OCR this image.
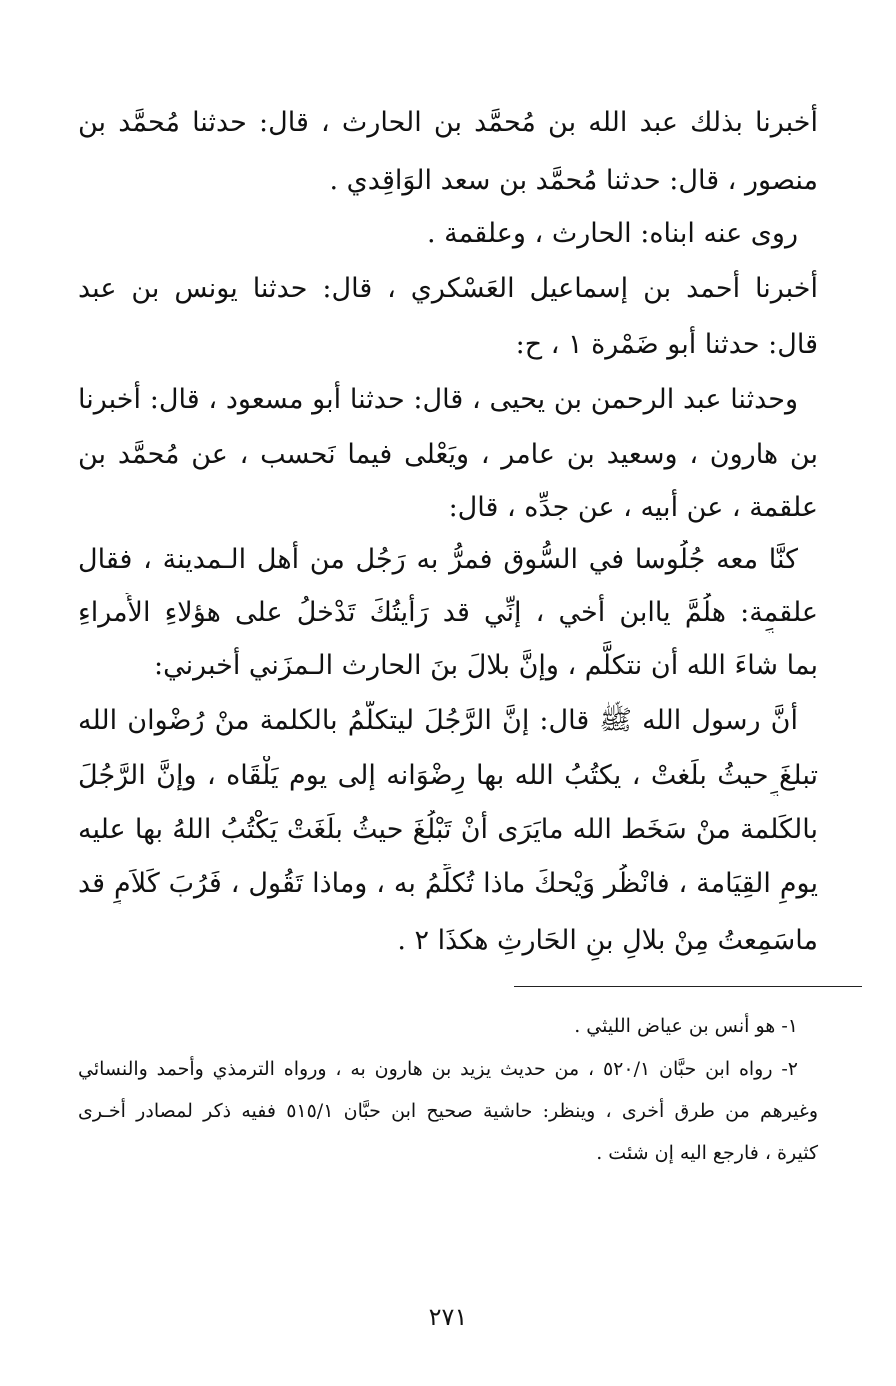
أخبرنا بذلك عبد الله بن مُحمَّد بن الحارث ، قال: حدثنا مُحمَّد بن
منصور ، قال: حدثنا مُحمَّد بن سعد الوَاقِدي .
روى عنه ابناه: الحارث ، وعلقمة .
أخبرنا أحمد بن إسماعيل العَسْكري ، قال: حدثنا يونس بن عبد
قال: حدثنا أبو ضَمْرة ١ ، ح:
وحدثنا عبد الرحمن بن يحيى ، قال: حدثنا أبو مسعود ، قال: أخبرنا
بن هارون ، وسعيد بن عامر ، ويَعْلى فيما نَحسب ، عن مُحمَّد بن
علقمة ، عن أبيه ، عن جدِّه ، قال:
كنَّا معه جُلُوسا في السُّوق فمرُّ به رَجُل من أهل الـمدينة ، فقال
علقمة: هلُمَّ ياابن أخي ، إنِّي قد رَأيتُكَ تَدْخلُ على هؤلاءِ الأُمراءِ
بما شاءَ الله أن نتكلَّم ، وإنَّ بلالَ بنَ الحارث الـمزَني أخبرني:
أنَّ رسول الله ﷺ قال: إنَّ الرَّجُلَ ليتكلَّمُ بالكلمة منْ رُضْوان الله
تبلغَ حيثُ بلَغتْ ، يكتُبُ الله بها رِضْوَانه إلى يوم يَلْقَاه ، وإنَّ الرَّجُلَ
بالكَلمة منْ سَخَط الله مايَرَى أنْ تَبْلُغَ حيثُ بلَغَتْ يَكْتُبُ اللهُ بها عليه
يومِ القِيَامة ، فانْظُر وَيْحكَ ماذا تُكلِّمُ به ، وماذا تَقُول ، فَرُبَ كَلاَمٍ قد
ماسَمِعتُ مِنْ بلالِ بنِ الحَارثِ هكذَا ٢ .
١- هو أنس بن عياض الليثي .
٢- رواه ابن حبَّان ٥٢٠/١ ، من حديث يزيد بن هارون به ، ورواه الترمذي وأحمد والنسائي
وغيرهم من طرق أخرى ، وينظر: حاشية صحيح ابن حبَّان ٥١٥/١ ففيه ذكر لمصادر أخـرى
كثيرة ، فارجع اليه إن شئت .
٢٧١
